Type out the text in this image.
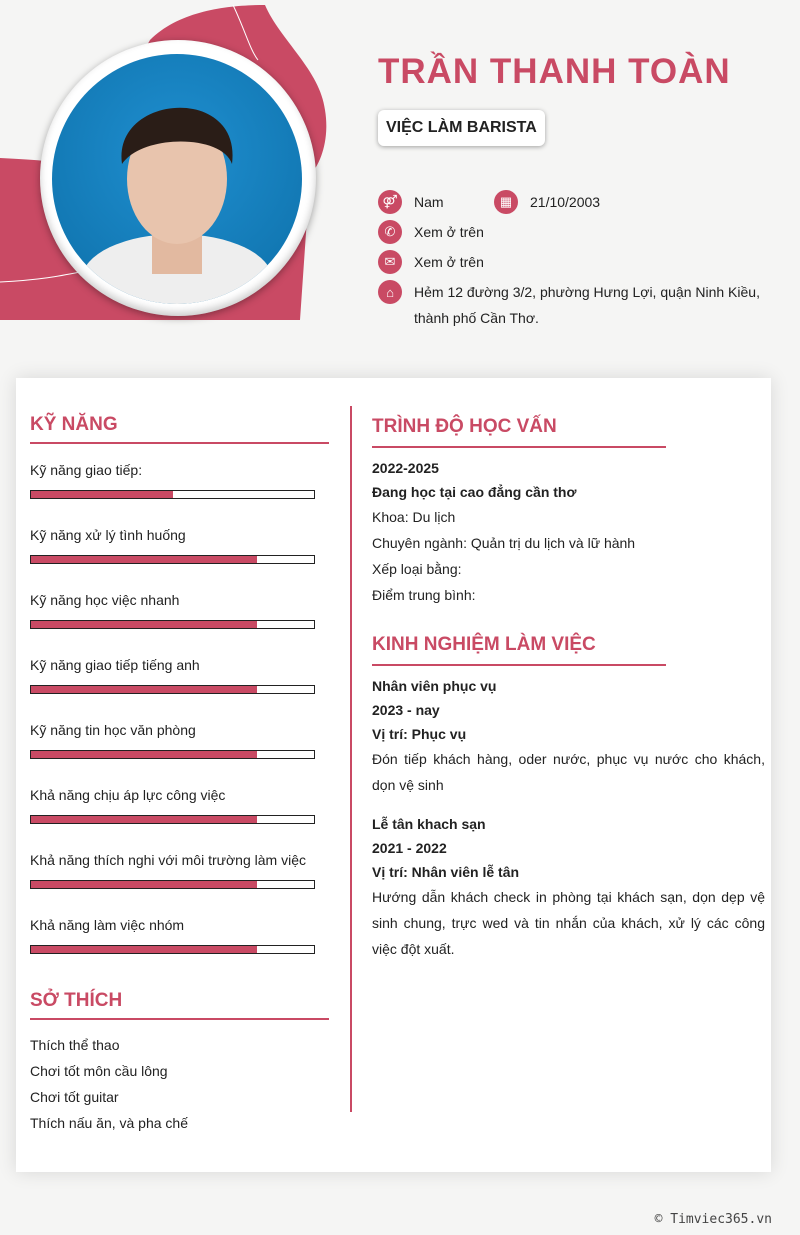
TRẦN THANH TOÀN
VIỆC LÀM BARISTA
⚤	Nam	▦	21/10/2003
✆	Xem ở trên
✉	Xem ở trên
⌂	Hẻm 12 đường 3/2, phường Hưng Lợi, quận Ninh Kiều, thành phố Cần Thơ.
KỸ NĂNG
Kỹ năng giao tiếp:
Kỹ năng xử lý tình huống
Kỹ năng học việc nhanh
Kỹ năng giao tiếp tiếng anh
Kỹ năng tin học văn phòng
Khả năng chịu áp lực công việc
Khả năng thích nghi với môi trường làm việc
Khả năng làm việc nhóm
SỞ THÍCH
Thích thể thao
Chơi tốt môn cầu lông
Chơi tốt guitar
Thích nấu ăn, và pha chế
TRÌNH ĐỘ HỌC VẤN
2022-2025
Đang học tại cao đẳng cần thơ
Khoa: Du lịch
Chuyên ngành: Quản trị du lịch và lữ hành
Xếp loại bằng:
Điểm trung bình:
KINH NGHIỆM LÀM VIỆC
Nhân viên phục vụ
2023 - nay
Vị trí: Phục vụ
Đón tiếp khách hàng, oder nước, phục vụ nước cho khách, dọn vệ sinh
Lễ tân khach sạn
2021 - 2022
Vị trí: Nhân viên lễ tân
Hướng dẫn khách check in phòng tại khách sạn, dọn dẹp vệ sinh chung, trực wed và tin nhắn của khách, xử lý các công việc đột xuất.
© Timviec365.vn
